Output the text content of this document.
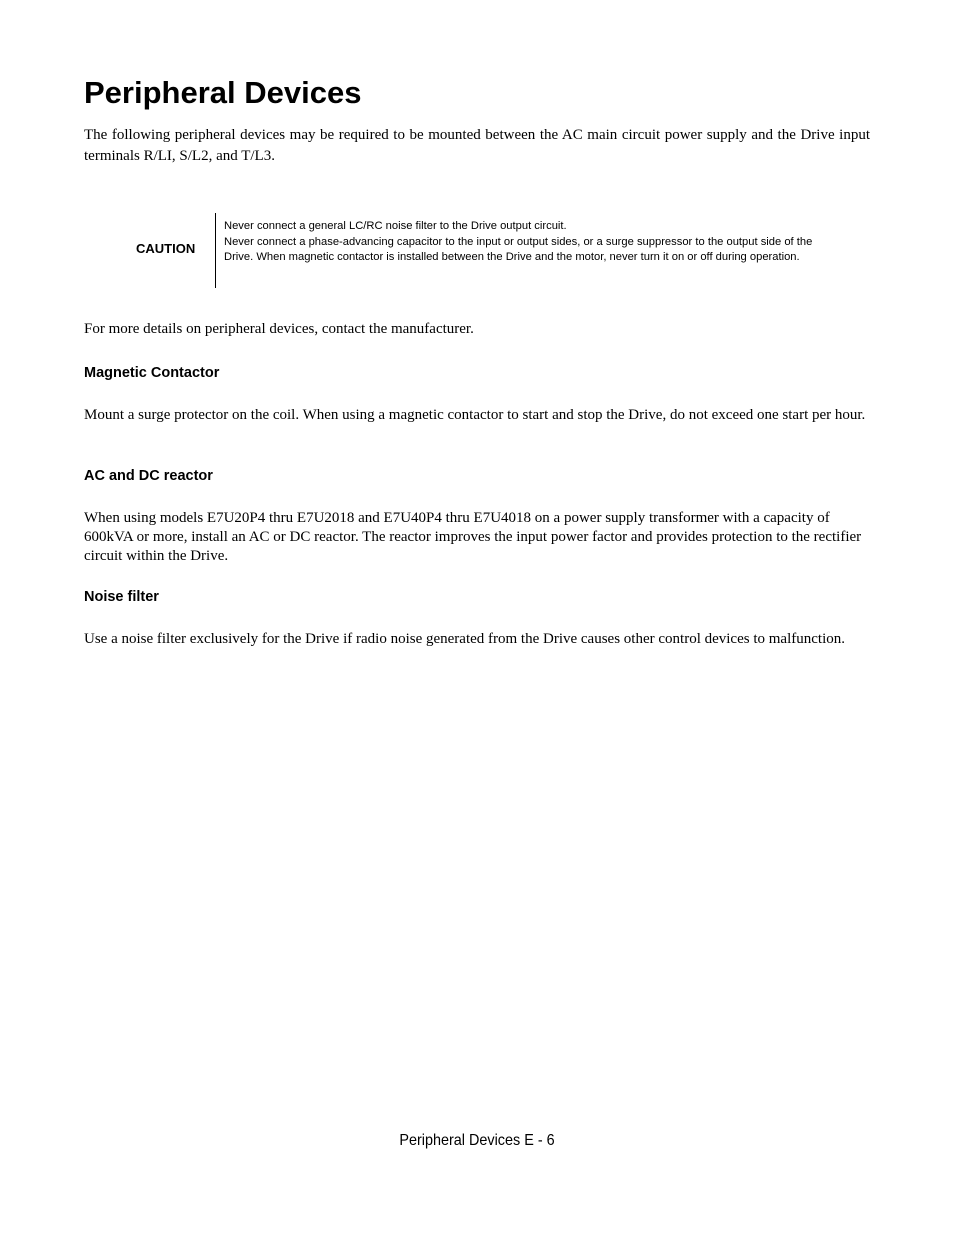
Peripheral Devices

The following peripheral devices may be required to be mounted between the AC main circuit power supply and the Drive input terminals R/LI, S/L2, and T/L3.

CAUTION

Never connect a general LC/RC noise filter to the Drive output circuit.

Never connect a phase-advancing capacitor to the input or output sides, or a surge suppressor to the output side of the Drive. When magnetic contactor is installed between the Drive and the motor, never turn it on or off during operation.

For more details on peripheral devices, contact the manufacturer.

Magnetic Contactor

Mount a surge protector on the coil. When using a magnetic contactor to start and stop the Drive, do not exceed one start per hour.

AC and DC reactor

When using models E7U20P4 thru E7U2018 and E7U40P4 thru E7U4018 on a power supply transformer with a capacity of 600kVA or more, install an AC or DC reactor. The reactor improves the input power factor and provides protection to the rectifier circuit within the Drive.

Noise filter

Use a noise filter exclusively for the Drive if radio noise generated from the Drive causes other control devices to malfunction.

Peripheral Devices E - 6
